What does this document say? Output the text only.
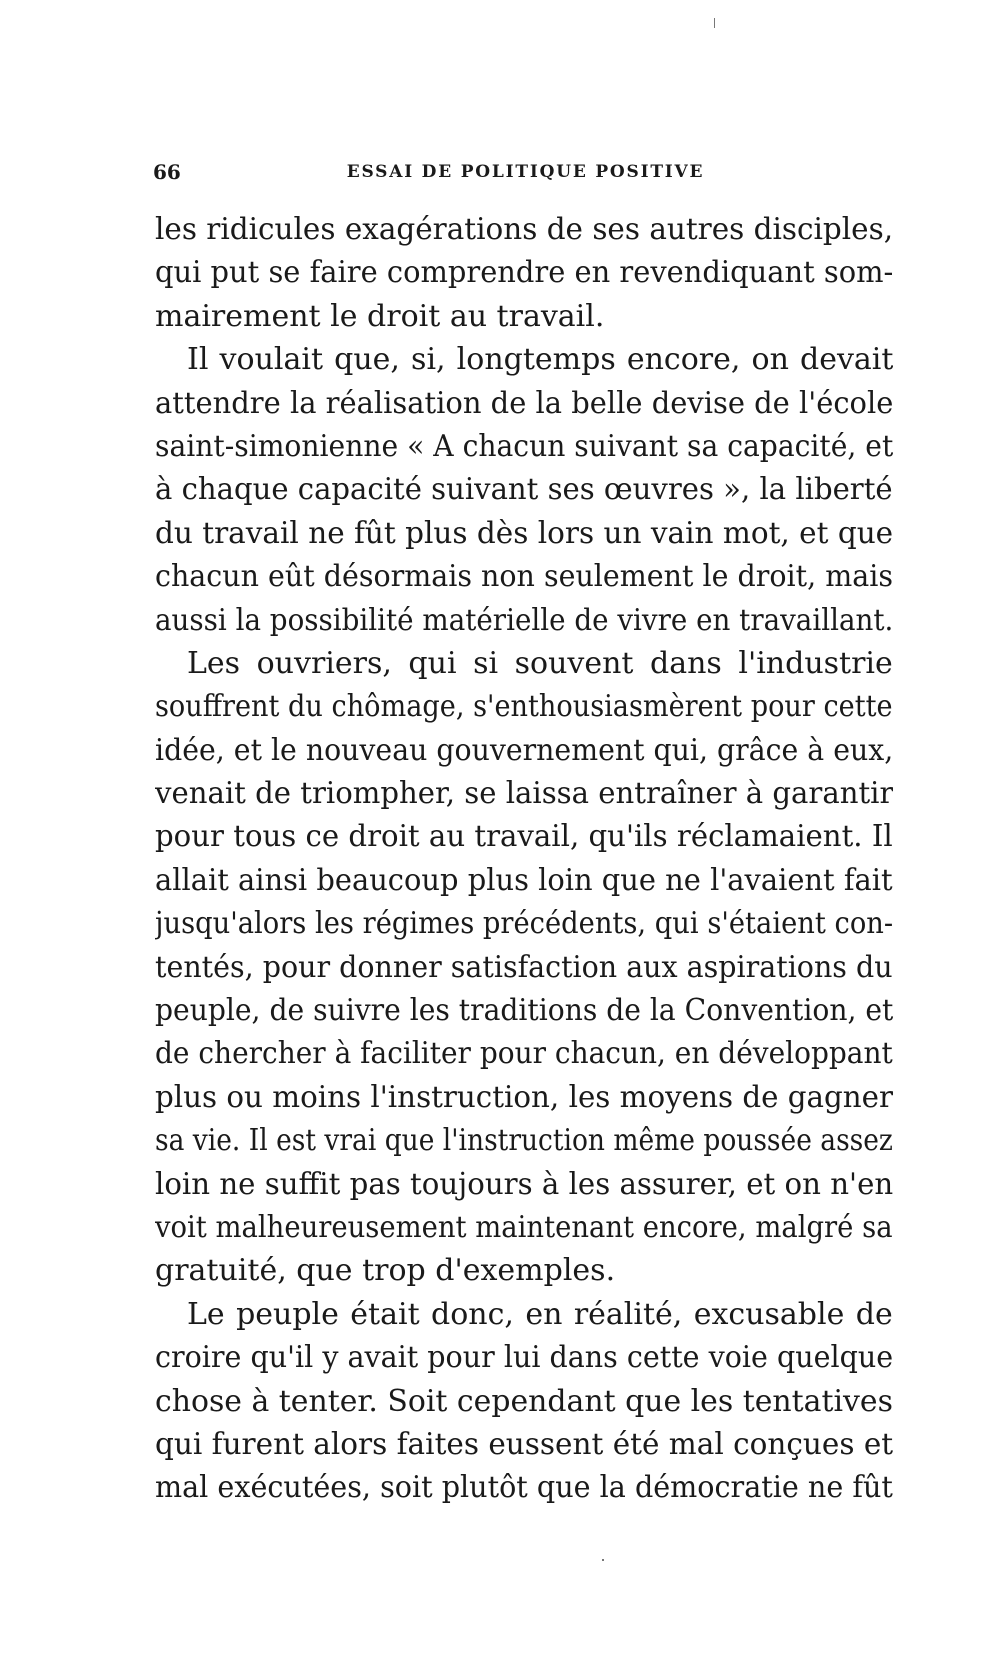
66	ESSAI DE POLITIQUE POSITIVE
les ridicules exagérations de ses autres disciples,
qui put se faire comprendre en revendiquant som-
mairement le droit au travail.
Il voulait que, si, longtemps encore, on devait
attendre la réalisation de la belle devise de l'école
saint-simonienne « A chacun suivant sa capacité, et
à chaque capacité suivant ses œuvres », la liberté
du travail ne fût plus dès lors un vain mot, et que
chacun eût désormais non seulement le droit, mais
aussi la possibilité matérielle de vivre en travaillant.
Les ouvriers, qui si souvent dans l'industrie
souffrent du chômage, s'enthousiasmèrent pour cette
idée, et le nouveau gouvernement qui, grâce à eux,
venait de triompher, se laissa entraîner à garantir
pour tous ce droit au travail, qu'ils réclamaient. Il
allait ainsi beaucoup plus loin que ne l'avaient fait
jusqu'alors les régimes précédents, qui s'étaient con-
tentés, pour donner satisfaction aux aspirations du
peuple, de suivre les traditions de la Convention, et
de chercher à faciliter pour chacun, en développant
plus ou moins l'instruction, les moyens de gagner
sa vie. Il est vrai que l'instruction même poussée assez
loin ne suffit pas toujours à les assurer, et on n'en
voit malheureusement maintenant encore, malgré sa
gratuité, que trop d'exemples.
Le peuple était donc, en réalité, excusable de
croire qu'il y avait pour lui dans cette voie quelque
chose à tenter. Soit cependant que les tentatives
qui furent alors faites eussent été mal conçues et
mal exécutées, soit plutôt que la démocratie ne fût
